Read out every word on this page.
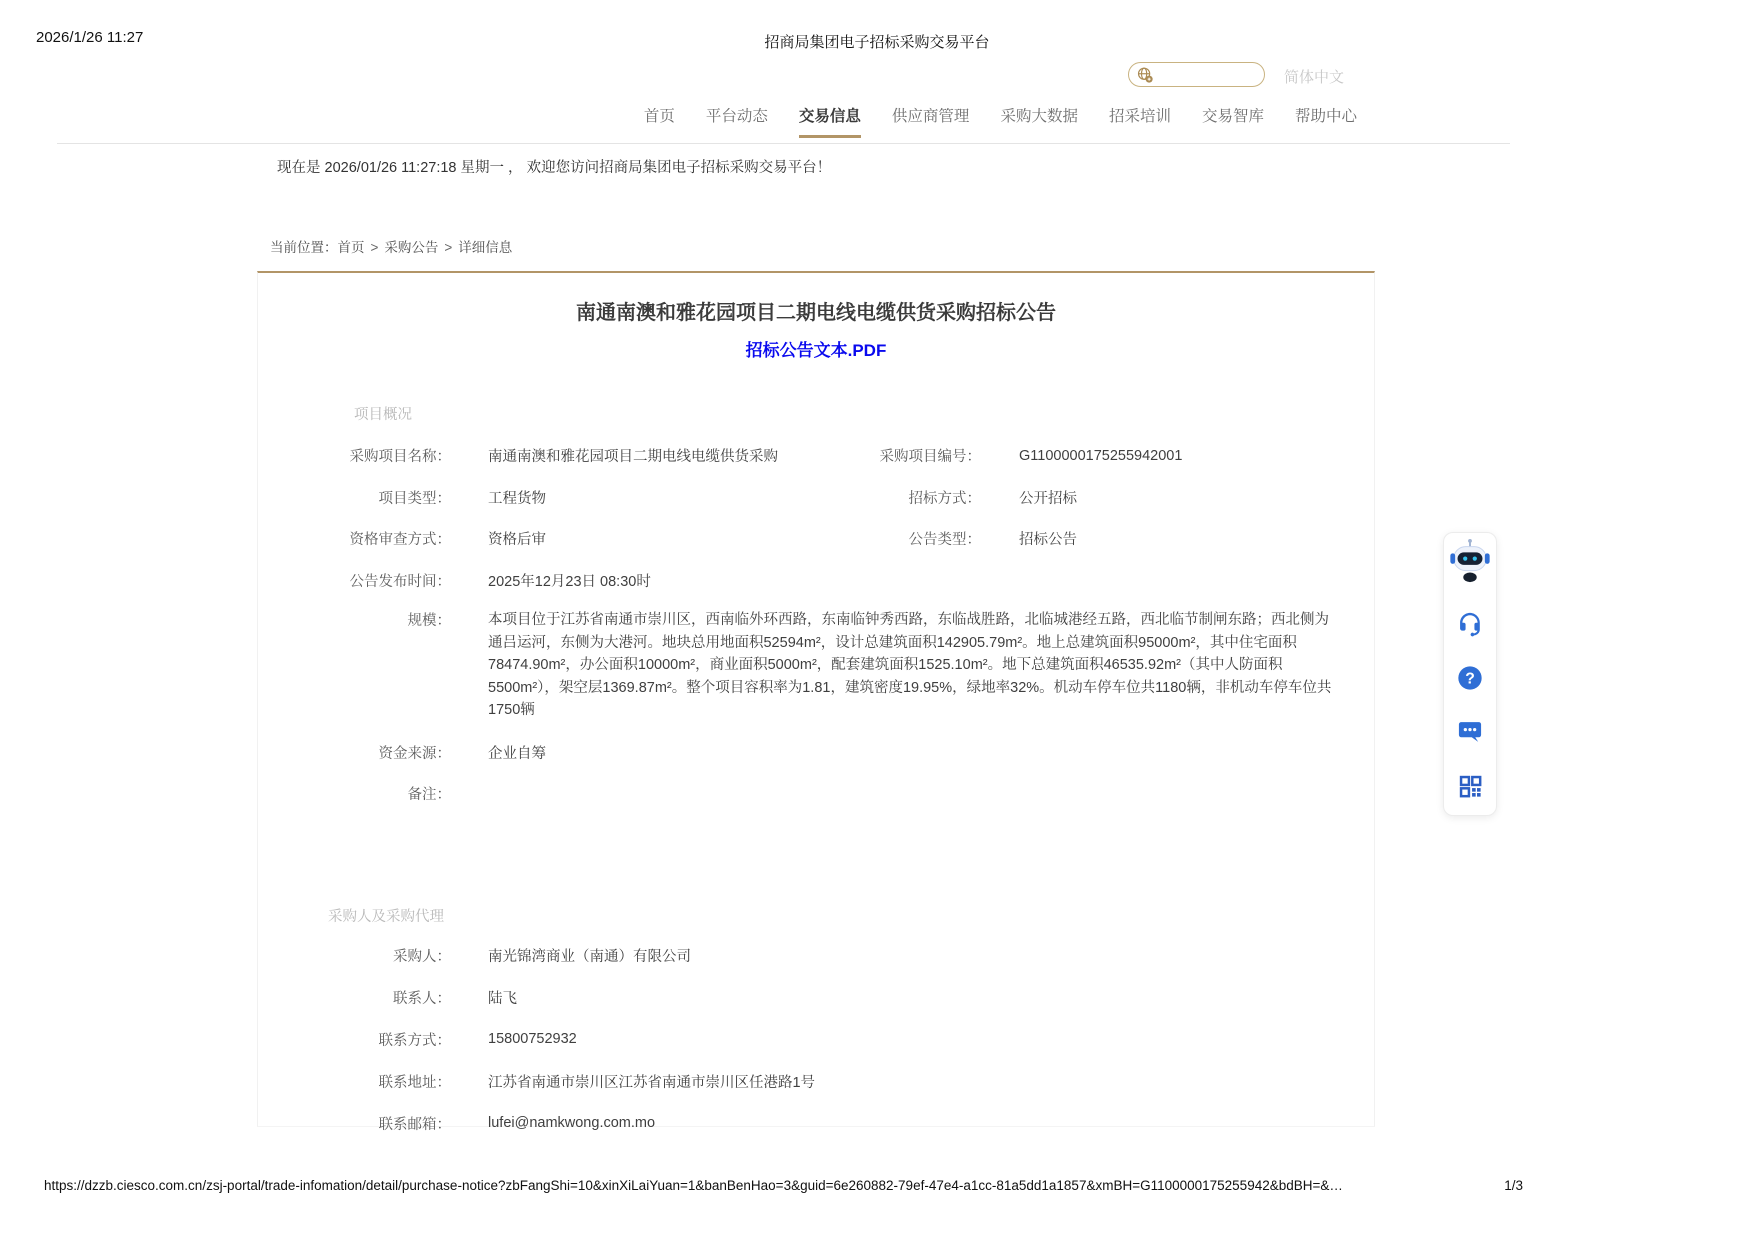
2026/1/26 11:27	招商局集团电子招标采购交易平台
简体中文
首页 平台动态 交易信息 供应商管理 采购大数据 招采培训 交易智库 帮助中心
现在是 2026/01/26 11:27:18 星期一 ， 欢迎您访问招商局集团电子招标采购交易平台！
当前位置：首页 > 采购公告 > 详细信息
南通南澳和雅花园项目二期电线电缆供货采购招标公告
招标公告文本.PDF
项目概况
采购项目名称：	南通南澳和雅花园项目二期电线电缆供货采购	采购项目编号：	G1100000175255942001
项目类型：	工程货物	招标方式：	公开招标
资格审查方式：	资格后审	公告类型：	招标公告
公告发布时间：	2025年12月23日 08:30时
规模：	本项目位于江苏省南通市崇川区，西南临外环西路，东南临钟秀西路，东临战胜路，北临城港经五路，西北临节制闸东路；西北侧为通吕运河，东侧为大港河。地块总用地面积52594m²，设计总建筑面积142905.79m²。地上总建筑面积95000m²，其中住宅面积78474.90m²，办公面积10000m²，商业面积5000m²，配套建筑面积1525.10m²。地下总建筑面积46535.92m²（其中人防面积5500m²），架空层1369.87m²。整个项目容积率为1.81，建筑密度19.95%，绿地率32%。机动车停车位共1180辆，非机动车停车位共1750辆
资金来源：	企业自筹
备注：
采购人及采购代理
采购人：	南光锦湾商业（南通）有限公司
联系人：	陆飞
联系方式：	15800752932
联系地址：	江苏省南通市崇川区江苏省南通市崇川区任港路1号
联系邮箱：	lufei@namkwong.com.mo
?
https://dzzb.ciesco.com.cn/zsj-portal/trade-infomation/detail/purchase-notice?zbFangShi=10&xinXiLaiYuan=1&banBenHao=3&guid=6e260882-79ef-47e4-a1cc-81a5dd1a1857&xmBH=G1100000175255942&bdBH=&…	1/3
